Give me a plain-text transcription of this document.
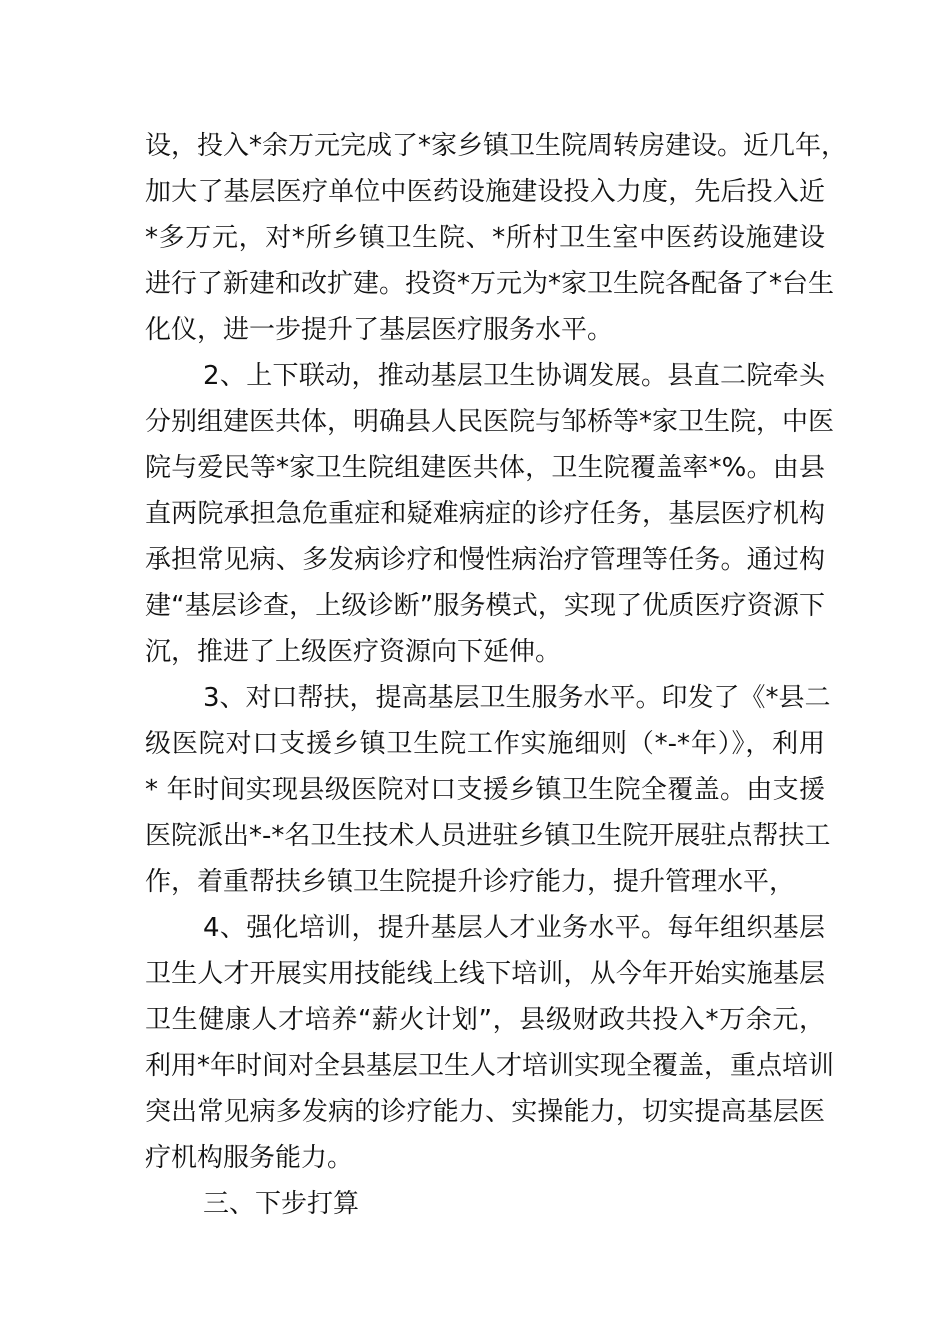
设，投入*余万元完成了*家乡镇卫生院周转房建设。近几年，
加大了基层医疗单位中医药设施建设投入力度，先后投入近
*多万元，对*所乡镇卫生院、*所村卫生室中医药设施建设
进行了新建和改扩建。投资*万元为*家卫生院各配备了*台生
化仪，进一步提升了基层医疗服务水平。
2、上下联动，推动基层卫生协调发展。县直二院牵头
分别组建医共体，明确县人民医院与邹桥等*家卫生院，中医
院与爱民等*家卫生院组建医共体，卫生院覆盖率*%。由县
直两院承担急危重症和疑难病症的诊疗任务，基层医疗机构
承担常见病、多发病诊疗和慢性病治疗管理等任务。通过构
建“基层诊查，上级诊断”服务模式，实现了优质医疗资源下
沉，推进了上级医疗资源向下延伸。
3、对口帮扶，提高基层卫生服务水平。印发了《*县二
级医院对口支援乡镇卫生院工作实施细则（*-*年）》，利用
* 年时间实现县级医院对口支援乡镇卫生院全覆盖。由支援
医院派出*-*名卫生技术人员进驻乡镇卫生院开展驻点帮扶工
作，着重帮扶乡镇卫生院提升诊疗能力，提升管理水平，
4、强化培训，提升基层人才业务水平。每年组织基层
卫生人才开展实用技能线上线下培训，从今年开始实施基层
卫生健康人才培养“薪火计划”，县级财政共投入*万余元，
利用*年时间对全县基层卫生人才培训实现全覆盖，重点培训
突出常见病多发病的诊疗能力、实操能力，切实提高基层医
疗机构服务能力。
三、下步打算
